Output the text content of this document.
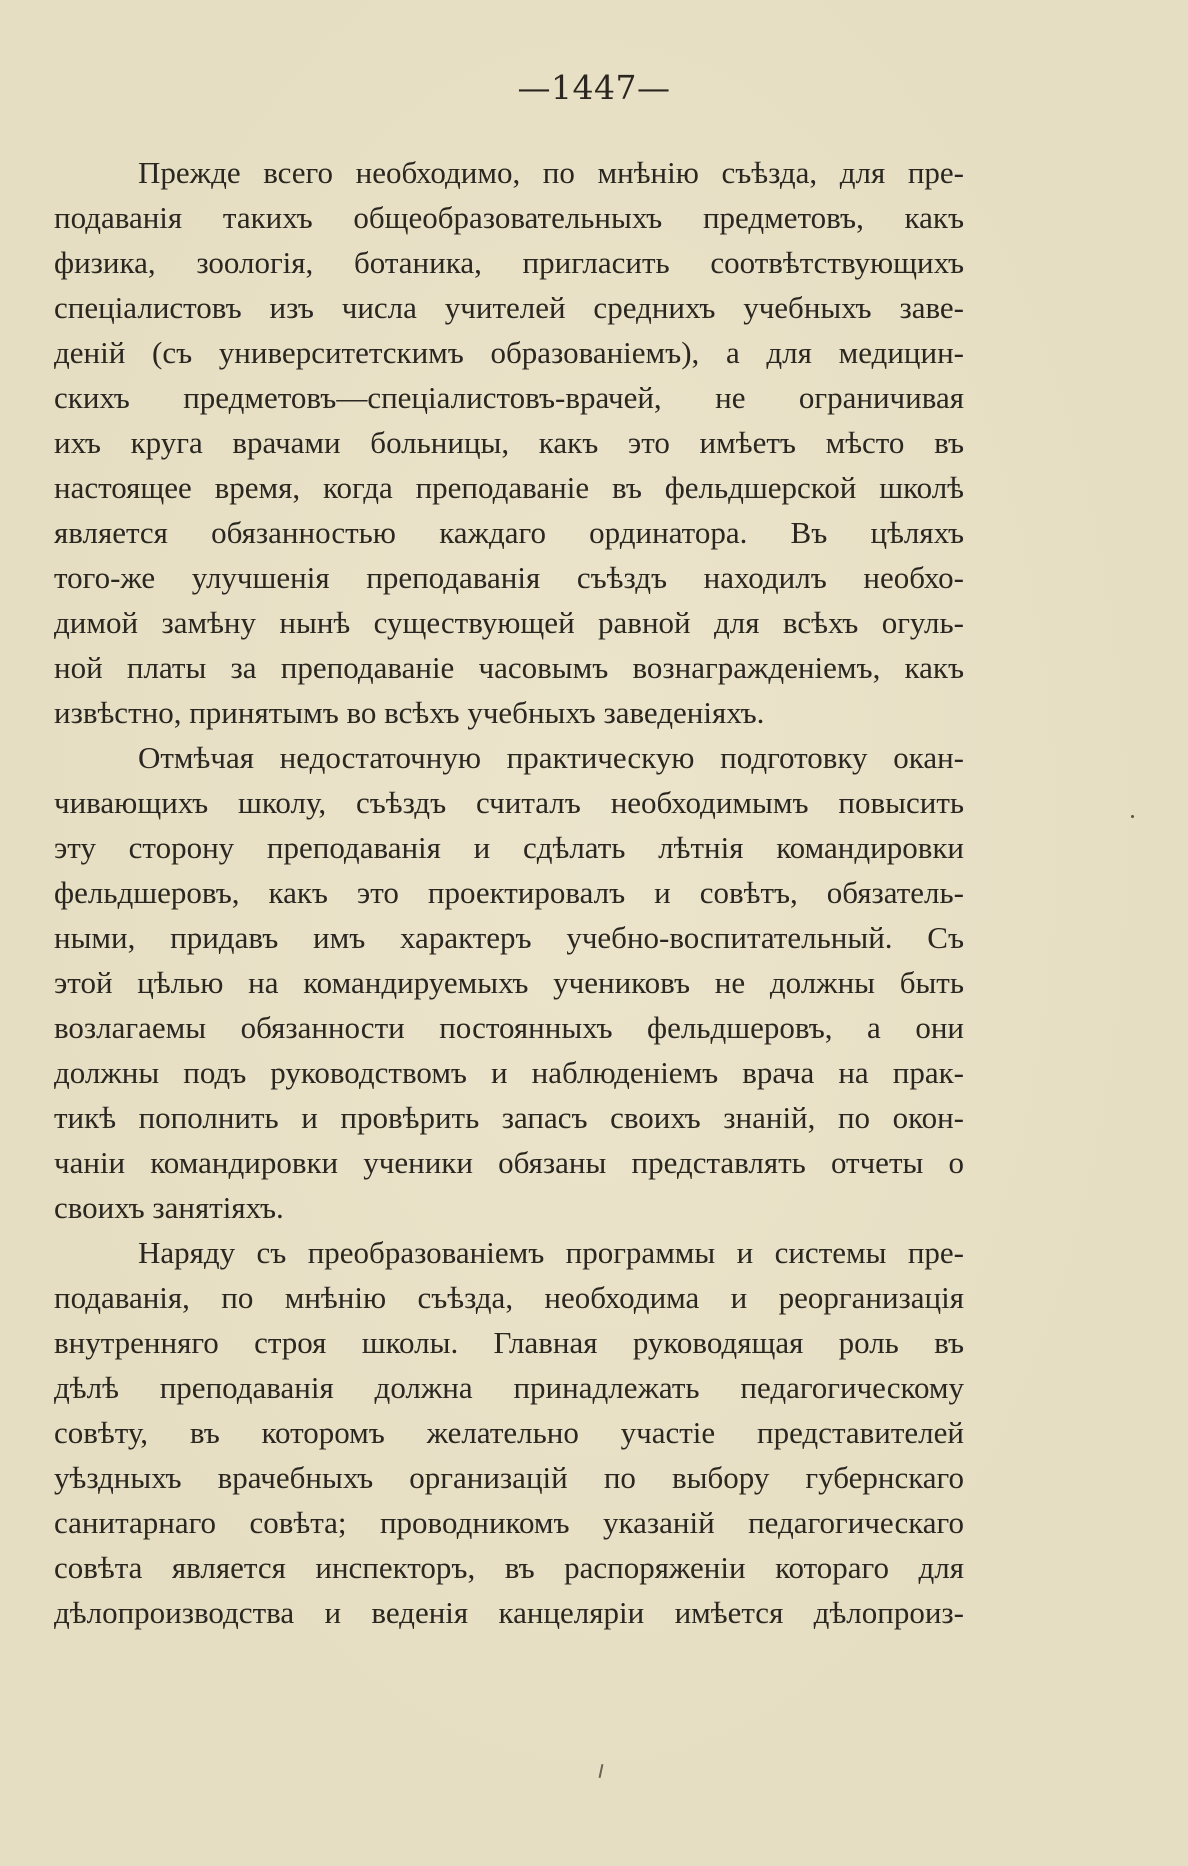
—1447—
Прежде всего необходимо, по мнѣнію съѣзда, для пре-
подаванія такихъ общеобразовательныхъ предметовъ, какъ
физика, зоологія, ботаника, пригласить соотвѣтствующихъ
спеціалистовъ изъ числа учителей среднихъ учебныхъ заве-
деній (съ университетскимъ образованіемъ), а для медицин-
скихъ предметовъ—спеціалистовъ-врачей, не ограничивая
ихъ круга врачами больницы, какъ это имѣетъ мѣсто въ
настоящее время, когда преподаваніе въ фельдшерской школѣ
является обязанностью каждаго ординатора. Въ цѣляхъ
того-же улучшенія преподаванія съѣздъ находилъ необхо-
димой замѣну нынѣ существующей равной для всѣхъ огуль-
ной платы за преподаваніе часовымъ вознагражденіемъ, какъ
извѣстно, принятымъ во всѣхъ учебныхъ заведеніяхъ.
Отмѣчая недостаточную практическую подготовку окан-
чивающихъ школу, съѣздъ считалъ необходимымъ повысить
эту сторону преподаванія и сдѣлать лѣтнія командировки
фельдшеровъ, какъ это проектировалъ и совѣтъ, обязатель-
ными, придавъ имъ характеръ учебно-воспитательный. Съ
этой цѣлью на командируемыхъ учениковъ не должны быть
возлагаемы обязанности постоянныхъ фельдшеровъ, а они
должны подъ руководствомъ и наблюденіемъ врача на прак-
тикѣ пополнить и провѣрить запасъ своихъ знаній, по окон-
чаніи командировки ученики обязаны представлять отчеты о
своихъ занятіяхъ.
Наряду съ преобразованіемъ программы и системы пре-
подаванія, по мнѣнію съѣзда, необходима и реорганизація
внутренняго строя школы. Главная руководящая роль въ
дѣлѣ преподаванія должна принадлежать педагогическому
совѣту, въ которомъ желательно участіе представителей
уѣздныхъ врачебныхъ организацій по выбору губернскаго
санитарнаго совѣта; проводникомъ указаній педагогическаго
совѣта является инспекторъ, въ распоряженіи котораго для
дѣлопроизводства и веденія канцеляріи имѣется дѣлопроиз-
